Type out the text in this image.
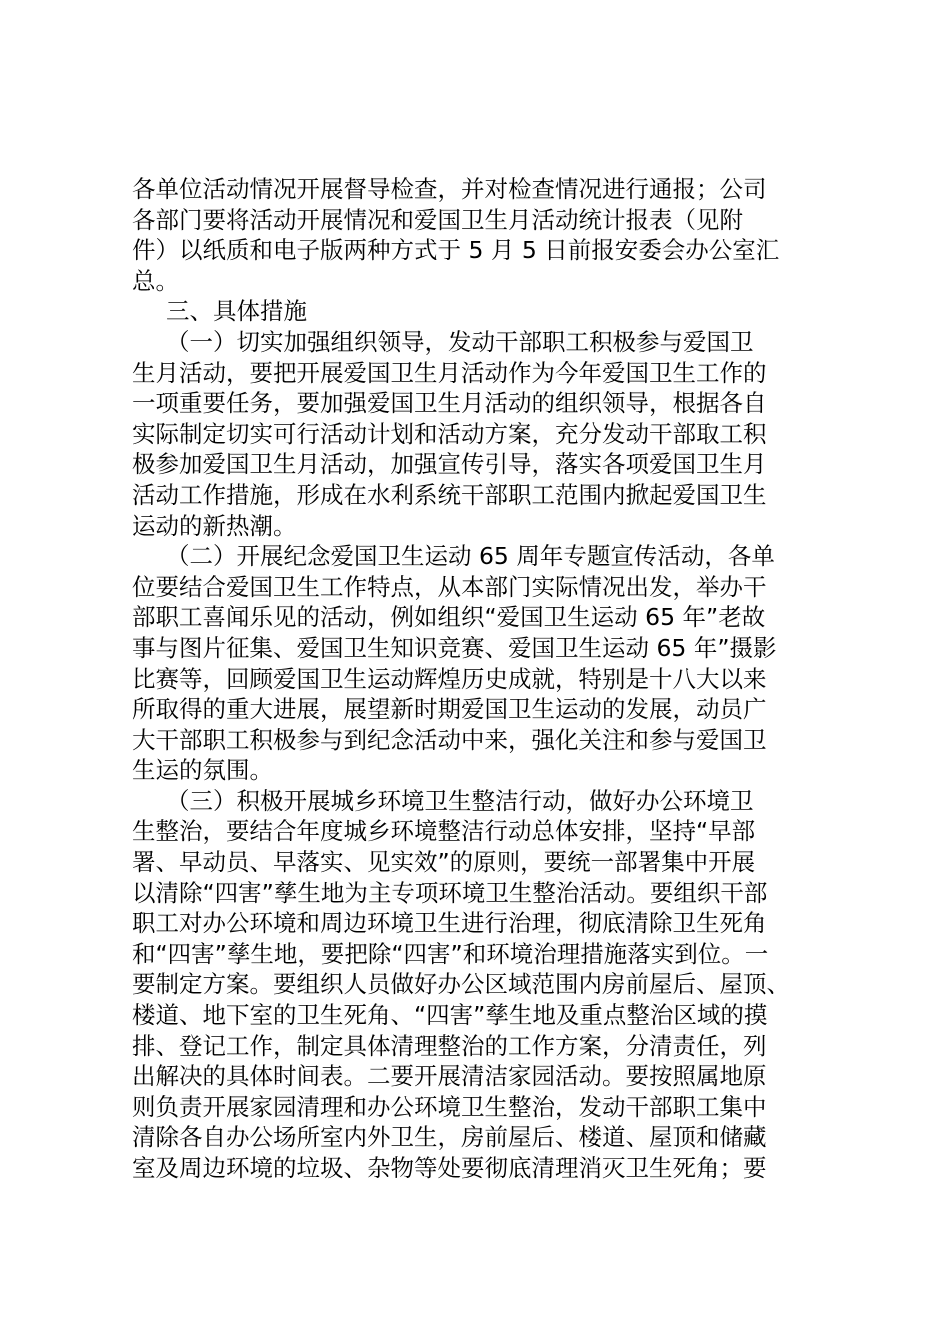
各单位活动情况开展督导检查，并对检查情况进行通报；公司
各部门要将活动开展情况和爱国卫生月活动统计报表（见附
件）以纸质和电子版两种方式于 5 月 5 日前报安委会办公室汇
总。
三、具体措施
（一）切实加强组织领导，发动干部职工积极参与爱国卫
生月活动，要把开展爱国卫生月活动作为今年爱国卫生工作的
一项重要任务，要加强爱国卫生月活动的组织领导，根据各自
实际制定切实可行活动计划和活动方案，充分发动干部取工积
极参加爱国卫生月活动，加强宣传引导，落实各项爱国卫生月
活动工作措施，形成在水利系统干部职工范围内掀起爱国卫生
运动的新热潮。
（二）开展纪念爱国卫生运动 65 周年专题宣传活动，各单
位要结合爱国卫生工作特点，从本部门实际情况出发，举办干
部职工喜闻乐见的活动，例如组织“爱国卫生运动 65 年”老故
事与图片征集、爱国卫生知识竞赛、爱国卫生运动 65 年”摄影
比赛等，回顾爱国卫生运动辉煌历史成就，特别是十八大以来
所取得的重大进展，展望新时期爱国卫生运动的发展，动员广
大干部职工积极参与到纪念活动中来，强化关注和参与爱国卫
生运的氛围。
（三）积极开展城乡环境卫生整洁行动，做好办公环境卫
生整治，要结合年度城乡环境整洁行动总体安排，坚持“早部
署、早动员、早落实、见实效”的原则，要统一部署集中开展
以清除“四害”孳生地为主专项环境卫生整治活动。要组织干部
职工对办公环境和周边环境卫生进行治理，彻底清除卫生死角
和“四害”孳生地，要把除“四害”和环境治理措施落实到位。一
要制定方案。要组织人员做好办公区域范围内房前屋后、屋顶、
楼道、地下室的卫生死角、“四害”孳生地及重点整治区域的摸
排、登记工作，制定具体清理整治的工作方案，分清责任，列
出解决的具体时间表。二要开展清洁家园活动。要按照属地原
则负责开展家园清理和办公环境卫生整治，发动干部职工集中
清除各自办公场所室内外卫生，房前屋后、楼道、屋顶和储藏
室及周边环境的垃圾、杂物等处要彻底清理消灭卫生死角；要
